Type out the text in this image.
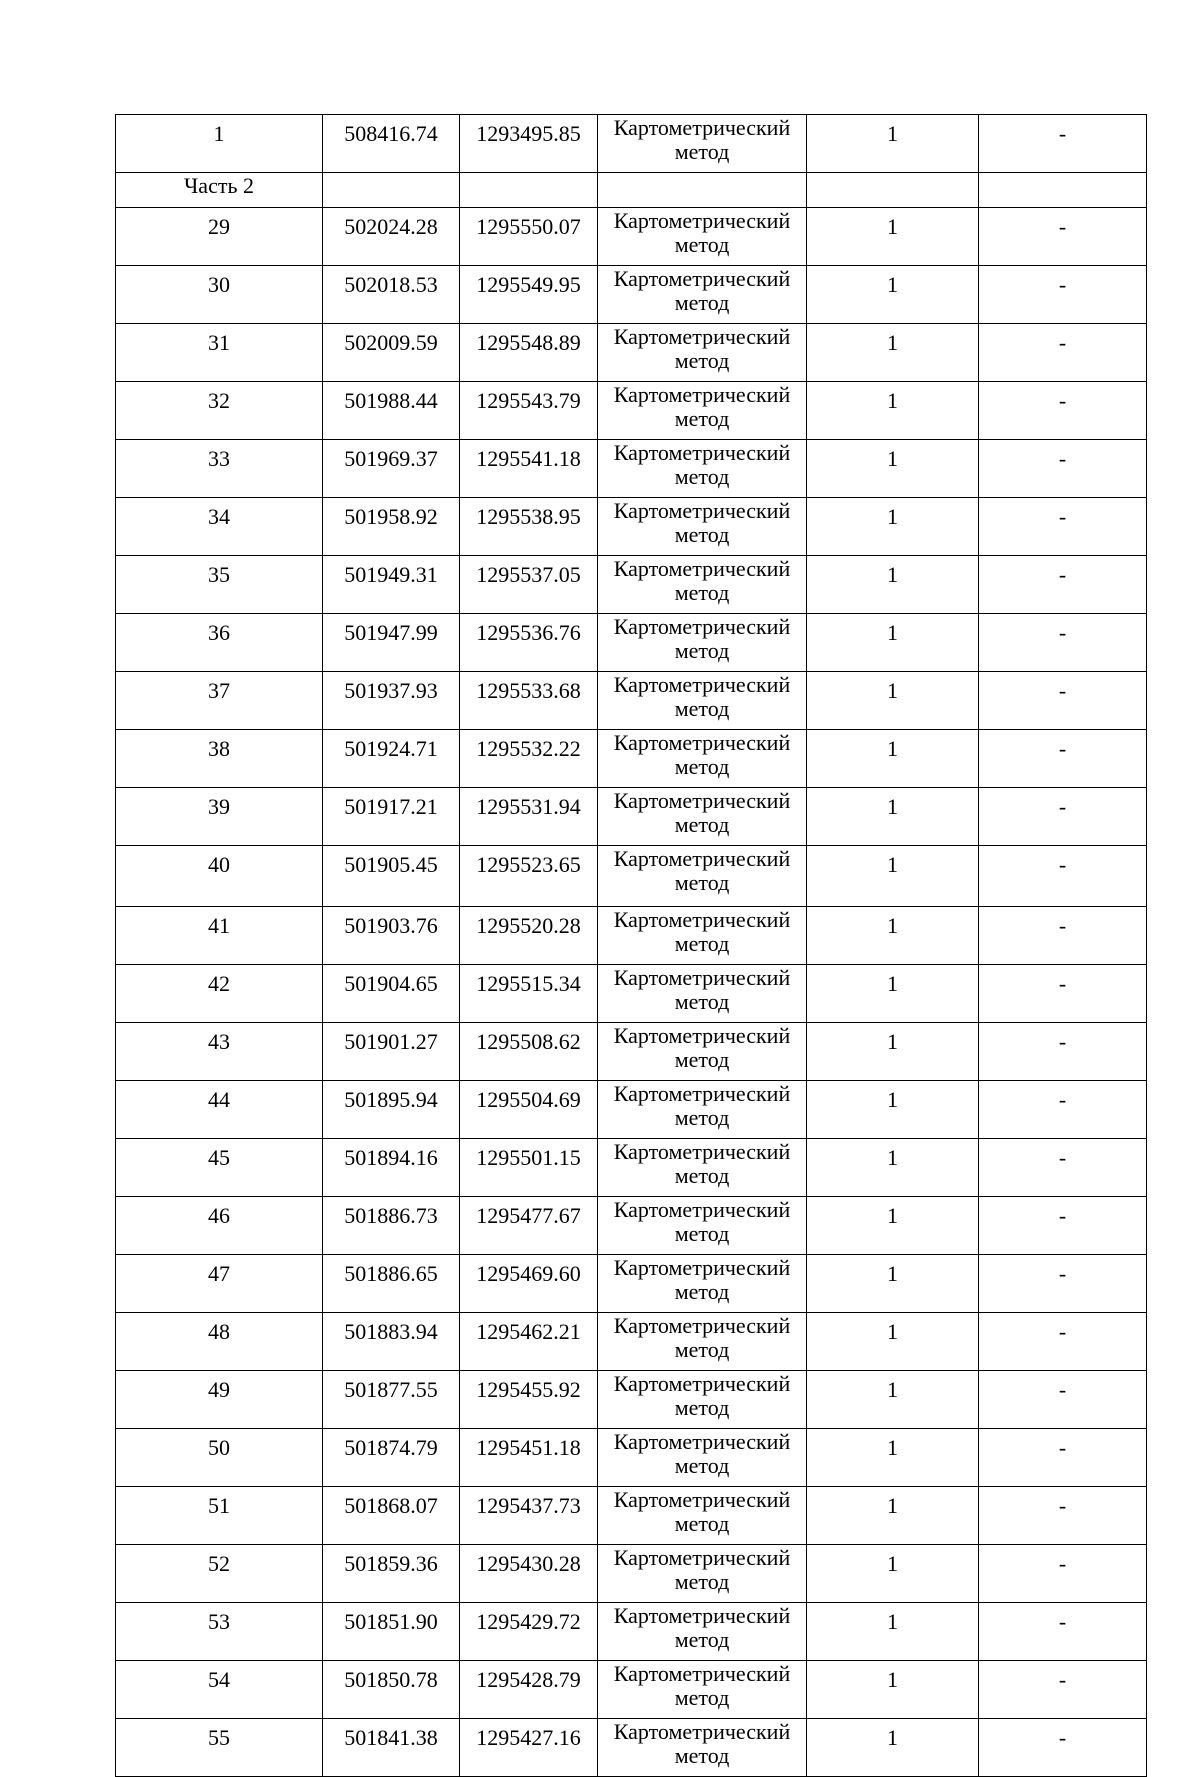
1	508416.74	1293495.85	Картометрический
метод	1	-
Часть 2					
29	502024.28	1295550.07	Картометрический
метод	1	-
30	502018.53	1295549.95	Картометрический
метод	1	-
31	502009.59	1295548.89	Картометрический
метод	1	-
32	501988.44	1295543.79	Картометрический
метод	1	-
33	501969.37	1295541.18	Картометрический
метод	1	-
34	501958.92	1295538.95	Картометрический
метод	1	-
35	501949.31	1295537.05	Картометрический
метод	1	-
36	501947.99	1295536.76	Картометрический
метод	1	-
37	501937.93	1295533.68	Картометрический
метод	1	-
38	501924.71	1295532.22	Картометрический
метод	1	-
39	501917.21	1295531.94	Картометрический
метод	1	-
40	501905.45	1295523.65	Картометрический
метод	1	-
41	501903.76	1295520.28	Картометрический
метод	1	-
42	501904.65	1295515.34	Картометрический
метод	1	-
43	501901.27	1295508.62	Картометрический
метод	1	-
44	501895.94	1295504.69	Картометрический
метод	1	-
45	501894.16	1295501.15	Картометрический
метод	1	-
46	501886.73	1295477.67	Картометрический
метод	1	-
47	501886.65	1295469.60	Картометрический
метод	1	-
48	501883.94	1295462.21	Картометрический
метод	1	-
49	501877.55	1295455.92	Картометрический
метод	1	-
50	501874.79	1295451.18	Картометрический
метод	1	-
51	501868.07	1295437.73	Картометрический
метод	1	-
52	501859.36	1295430.28	Картометрический
метод	1	-
53	501851.90	1295429.72	Картометрический
метод	1	-
54	501850.78	1295428.79	Картометрический
метод	1	-
55	501841.38	1295427.16	Картометрический
метод	1	-
